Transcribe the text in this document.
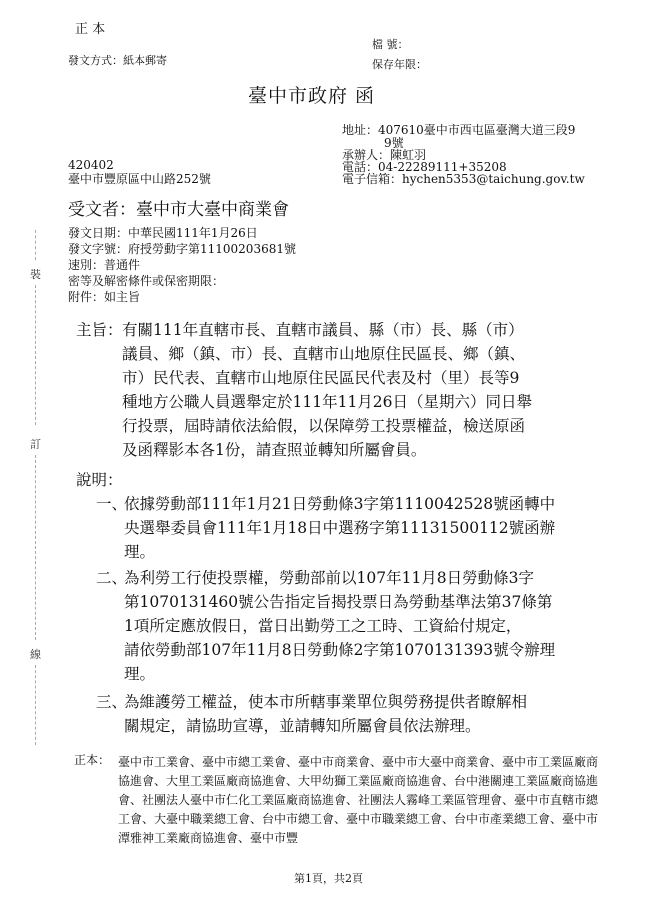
正 本
發文方式：紙本郵寄
檔 號：
保存年限：
臺中市政府 函
地址：407610臺中市西屯區臺灣大道三段9
9號
承辦人：陳虹羽
電話：04-22289111+35208
電子信箱：hychen5353@taichung.gov.tw
420402
臺中市豐原區中山路252號
受文者：臺中市大臺中商業會
發文日期：中華民國111年1月26日
發文字號：府授勞動字第11100203681號
速別：普通件
密等及解密條件或保密期限：
附件：如主旨
裝
訂
線
主旨： 有關111年直轄市長、直轄市議員、縣（市）長、縣（市）
議員、鄉（鎮、市）長、直轄市山地原住民區長、鄉（鎮、
市）民代表、直轄市山地原住民區民代表及村（里）長等9
種地方公職人員選舉定於111年11月26日（星期六）同日舉
行投票，屆時請依法給假，以保障勞工投票權益，檢送原函
及函釋影本各1份，請查照並轉知所屬會員。
說明：
一、
依據勞動部111年1月21日勞動條3字第1110042528號函轉中
央選舉委員會111年1月18日中選務字第11131500112號函辦
理。
二、
為利勞工行使投票權，勞動部前以107年11月8日勞動條3字
第1070131460號公告指定旨揭投票日為勞動基準法第37條第
1項所定應放假日，當日出勤勞工之工時、工資給付規定，
請依勞動部107年11月8日勞動條2字第1070131393號令辦理
理。
三、
為維護勞工權益，使本市所轄事業單位與勞務提供者瞭解相
關規定，請協助宣導，並請轉知所屬會員依法辦理。
正本： 臺中市工業會、臺中市總工業會、臺中市商業會、臺中市大臺中商業會、臺中市工業區廠商協進會、大里工業區廠商協進會、大甲幼獅工業區廠商協進會、台中港關連工業區廠商協進會、社團法人臺中市仁化工業區廠商協進會、社團法人霧峰工業區管理會、臺中市直轄市總工會、大臺中職業總工會、台中市總工會、臺中市職業總工會、台中市產業總工會、臺中市潭雅神工業廠商協進會、臺中市豐
第1頁，共2頁
